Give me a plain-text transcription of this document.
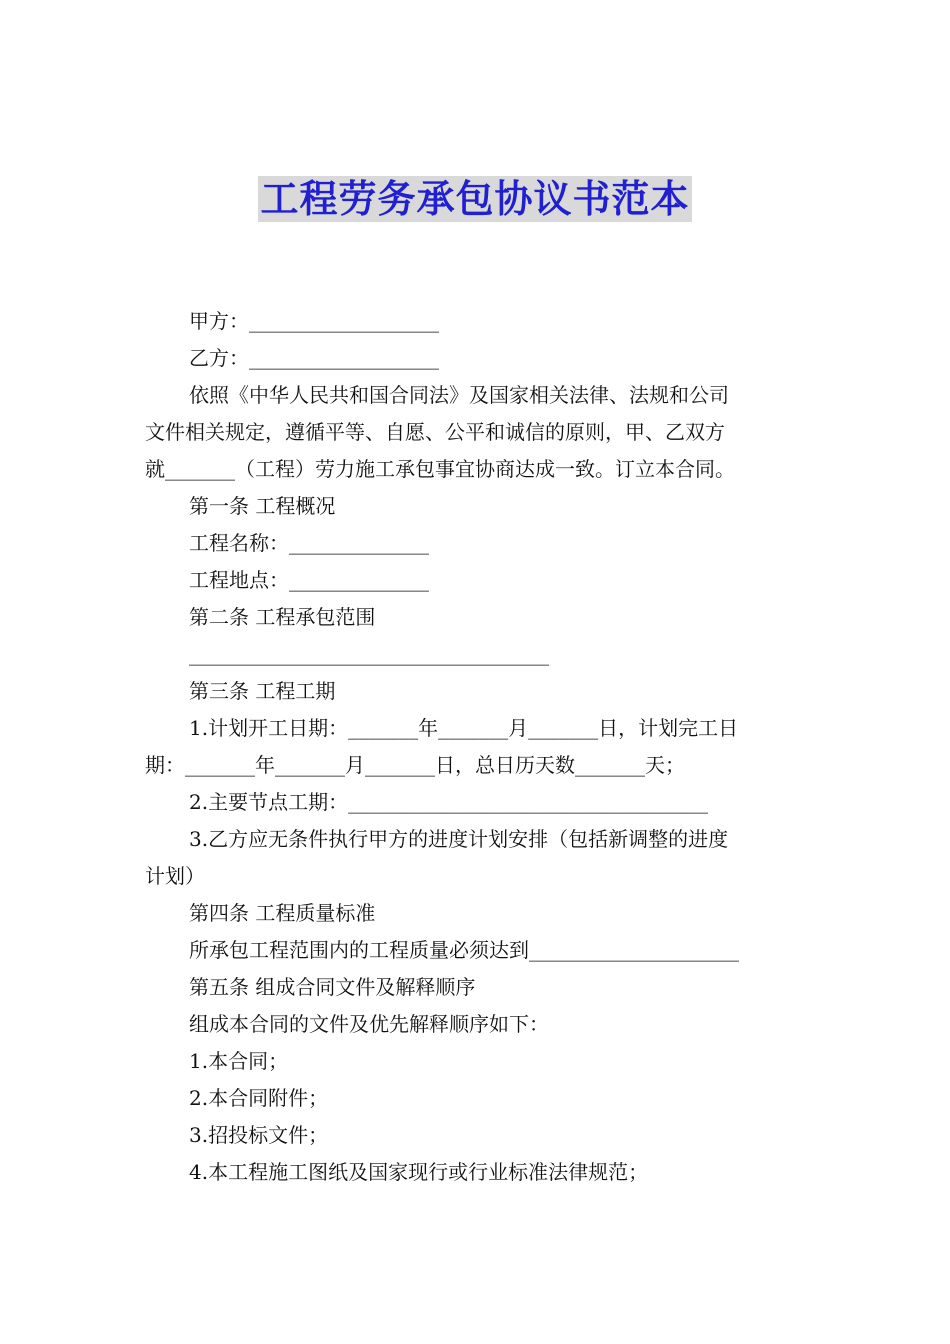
工程劳务承包协议书范本

甲方：___________________

乙方：___________________

依照《中华人民共和国合同法》及国家相关法律、法规和公司

文件相关规定，遵循平等、自愿、公平和诚信的原则，甲、乙双方

就_______（工程）劳力施工承包事宜协商达成一致。订立本合同。

第一条 工程概况

工程名称：______________

工程地点：______________

第二条 工程承包范围

____________________________________

第三条 工程工期

1.计划开工日期：_______年_______月_______日，计划完工日

期：_______年_______月_______日，总日历天数_______天；

2.主要节点工期：____________________________________

3.乙方应无条件执行甲方的进度计划安排（包括新调整的进度

计划）

第四条 工程质量标准

所承包工程范围内的工程质量必须达到_____________________

第五条 组成合同文件及解释顺序

组成本合同的文件及优先解释顺序如下：

1.本合同；

2.本合同附件；

3.招投标文件；

4.本工程施工图纸及国家现行或行业标准法律规范；
